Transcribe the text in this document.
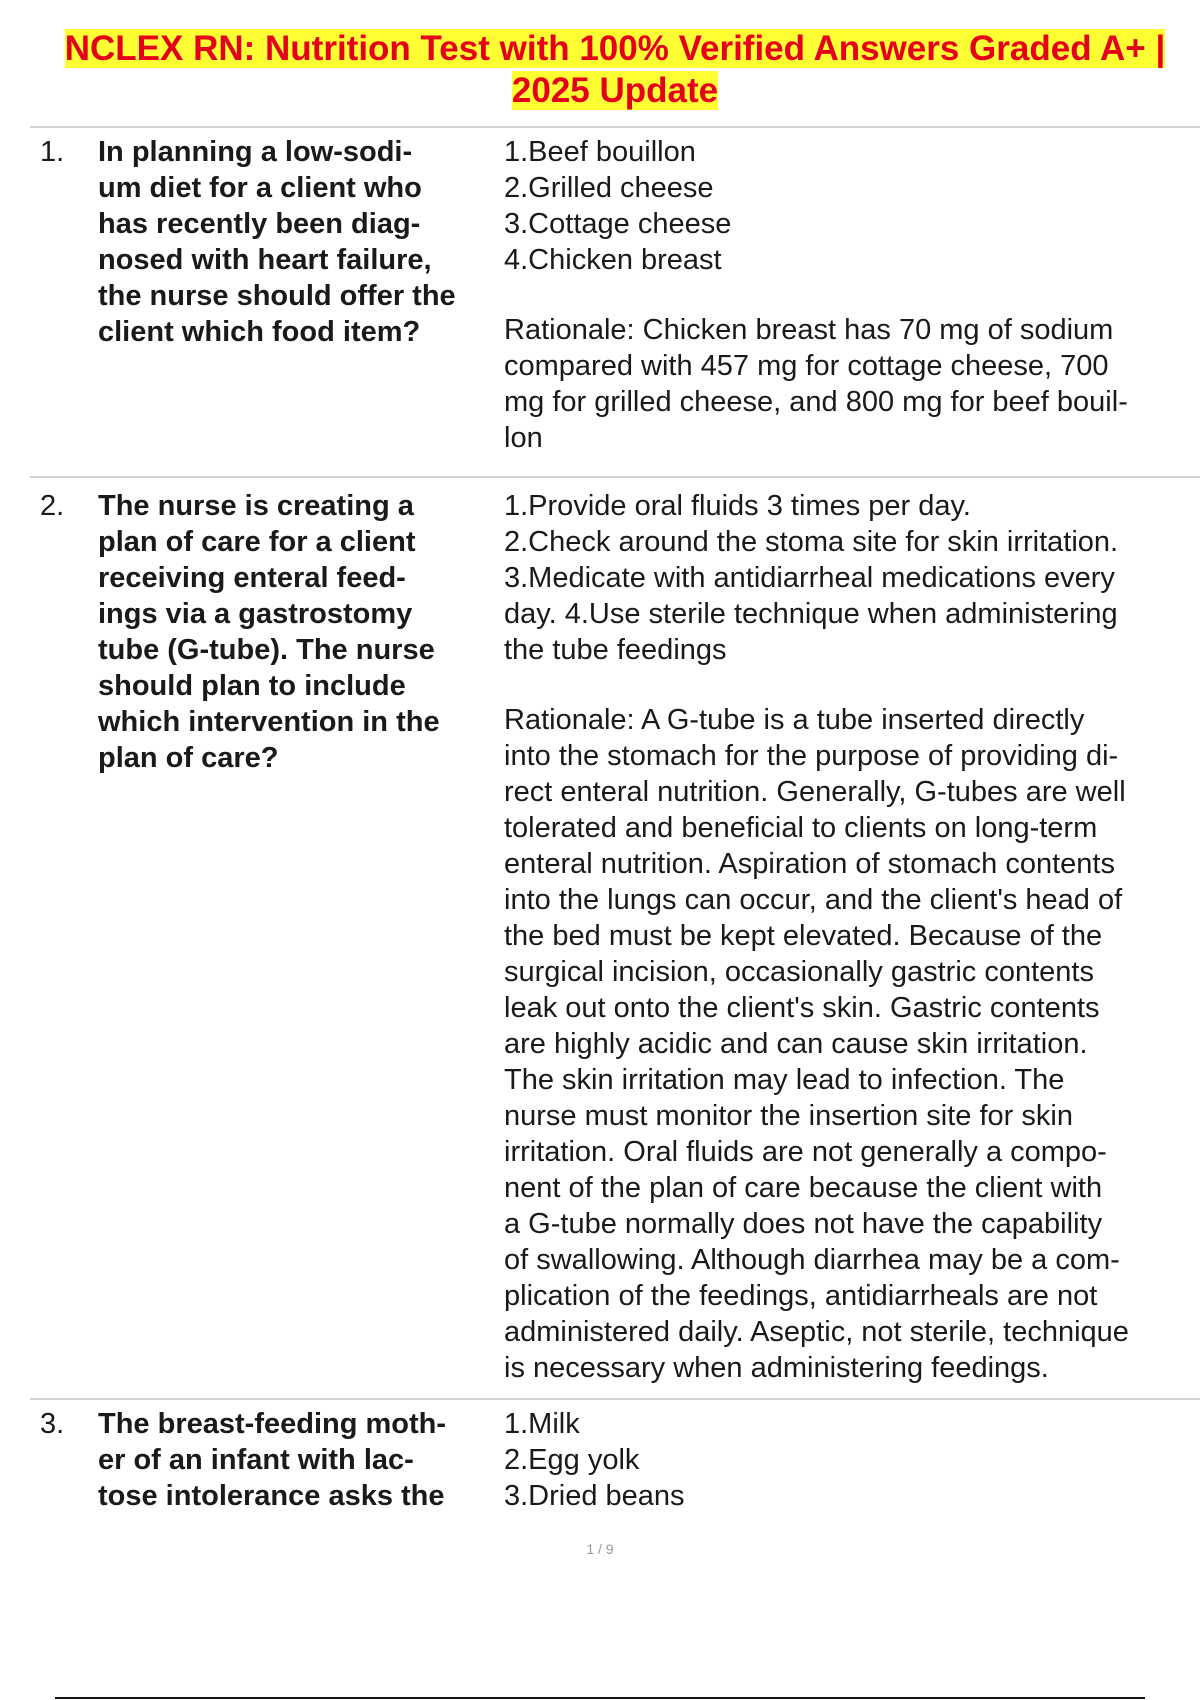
NCLEX RN: Nutrition Test with 100% Verified Answers Graded A+ | 2025 Update
1. In planning a low-sodi-
um diet for a client who
has recently been diag-
nosed with heart failure,
the nurse should offer the
client which food item?
1.Beef bouillon
2.Grilled cheese
3.Cottage cheese
4.Chicken breast
Rationale: Chicken breast has 70 mg of sodium
compared with 457 mg for cottage cheese, 700
mg for grilled cheese, and 800 mg for beef bouil-
lon
2. The nurse is creating a
plan of care for a client
receiving enteral feed-
ings via a gastrostomy
tube (G-tube). The nurse
should plan to include
which intervention in the
plan of care?
1.Provide oral fluids 3 times per day.
2.Check around the stoma site for skin irritation.
3.Medicate with antidiarrheal medications every
day. 4.Use sterile technique when administering
the tube feedings
Rationale: A G-tube is a tube inserted directly
into the stomach for the purpose of providing di-
rect enteral nutrition. Generally, G-tubes are well
tolerated and beneficial to clients on long-term
enteral nutrition. Aspiration of stomach contents
into the lungs can occur, and the client's head of
the bed must be kept elevated. Because of the
surgical incision, occasionally gastric contents
leak out onto the client's skin. Gastric contents
are highly acidic and can cause skin irritation.
The skin irritation may lead to infection. The
nurse must monitor the insertion site for skin
irritation. Oral fluids are not generally a compo-
nent of the plan of care because the client with
a G-tube normally does not have the capability
of swallowing. Although diarrhea may be a com-
plication of the feedings, antidiarrheals are not
administered daily. Aseptic, not sterile, technique
is necessary when administering feedings.
3. The breast-feeding moth-
er of an infant with lac-
tose intolerance asks the
1.Milk
2.Egg yolk
3.Dried beans
1 / 9
